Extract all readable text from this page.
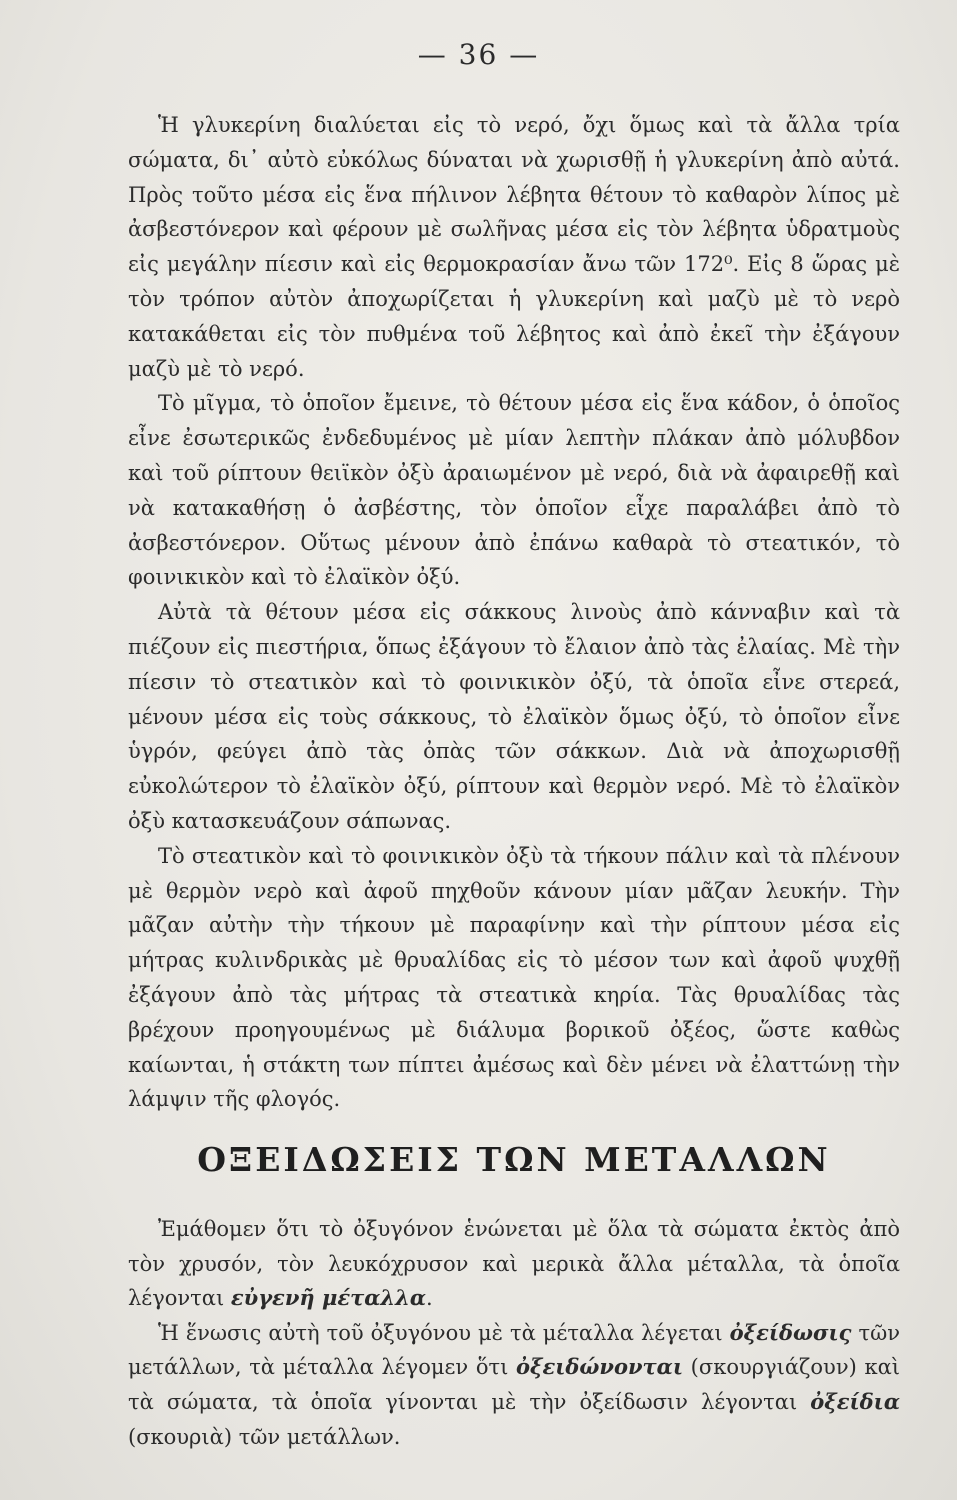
— 36 —

Ἡ γλυκερίνη διαλύεται εἰς τὸ νερό, ὄχι ὅμως καὶ τὰ ἄλλα τρία σώματα, δι᾽ αὐτὸ εὐκόλως δύναται νὰ χωρισθῇ ἡ γλυκερίνη ἀπὸ αὐτά. Πρὸς τοῦτο μέσα εἰς ἕνα πήλινον λέβητα θέτουν τὸ καθαρὸν λίπος μὲ ἀσβεστόνερον καὶ φέρουν μὲ σωλῆνας μέσα εἰς τὸν λέβητα ὑδρατμοὺς εἰς μεγάλην πίεσιν καὶ εἰς θερμοκρασίαν ἄνω τῶν 172⁰. Εἰς 8 ὥρας μὲ τὸν τρόπον αὐτὸν ἀποχωρίζεται ἡ γλυκερίνη καὶ μαζὺ μὲ τὸ νερὸ κατακάθεται εἰς τὸν πυθμένα τοῦ λέβητος καὶ ἀπὸ ἐκεῖ τὴν ἐξάγουν μαζὺ μὲ τὸ νερό.

Τὸ μῖγμα, τὸ ὁποῖον ἔμεινε, τὸ θέτουν μέσα εἰς ἕνα κάδον, ὁ ὁποῖος εἶνε ἐσωτερικῶς ἐνδεδυμένος μὲ μίαν λεπτὴν πλάκαν ἀπὸ μόλυβδον καὶ τοῦ ρίπτουν θειϊκὸν ὀξὺ ἀραιωμένον μὲ νερό, διὰ νὰ ἀφαιρεθῇ καὶ νὰ κατακαθήσῃ ὁ ἀσβέστης, τὸν ὁποῖον εἶχε παραλάβει ἀπὸ τὸ ἀσβεστόνερον. Οὕτως μένουν ἀπὸ ἐπάνω καθαρὰ τὸ στεατικόν, τὸ φοινικικὸν καὶ τὸ ἐλαϊκὸν ὀξύ.

Αὐτὰ τὰ θέτουν μέσα εἰς σάκκους λινοὺς ἀπὸ κάνναβιν καὶ τὰ πιέζουν εἰς πιεστήρια, ὅπως ἐξάγουν τὸ ἔλαιον ἀπὸ τὰς ἐλαίας. Μὲ τὴν πίεσιν τὸ στεατικὸν καὶ τὸ φοινικικὸν ὀξύ, τὰ ὁποῖα εἶνε στερεά, μένουν μέσα εἰς τοὺς σάκκους, τὸ ἐλαϊκὸν ὅμως ὀξύ, τὸ ὁποῖον εἶνε ὑγρόν, φεύγει ἀπὸ τὰς ὀπὰς τῶν σάκκων. Διὰ νὰ ἀποχωρισθῇ εὐκολώτερον τὸ ἐλαϊκὸν ὀξύ, ρίπτουν καὶ θερμὸν νερό. Μὲ τὸ ἐλαϊκὸν ὀξὺ κατασκευάζουν σάπωνας.

Τὸ στεατικὸν καὶ τὸ φοινικικὸν ὀξὺ τὰ τήκουν πάλιν καὶ τὰ πλένουν μὲ θερμὸν νερὸ καὶ ἀφοῦ πηχθοῦν κάνουν μίαν μᾶζαν λευκήν. Τὴν μᾶζαν αὐτὴν τὴν τήκουν μὲ παραφίνην καὶ τὴν ρίπτουν μέσα εἰς μήτρας κυλινδρικὰς μὲ θρυαλίδας εἰς τὸ μέσον των καὶ ἀφοῦ ψυχθῇ ἐξάγουν ἀπὸ τὰς μήτρας τὰ στεατικὰ κηρία. Τὰς θρυαλίδας τὰς βρέχουν προηγουμένως μὲ διάλυμα βορικοῦ ὀξέος, ὥστε καθὼς καίωνται, ἡ στάκτη των πίπτει ἀμέσως καὶ δὲν μένει νὰ ἐλαττώνῃ τὴν λάμψιν τῆς φλογός.

ΟΞΕΙΔΩΣΕΙΣ ΤΩΝ ΜΕΤΑΛΛΩΝ

Ἐμάθομεν ὅτι τὸ ὀξυγόνον ἑνώνεται μὲ ὅλα τὰ σώματα ἐκτὸς ἀπὸ τὸν χρυσόν, τὸν λευκόχρυσον καὶ μερικὰ ἄλλα μέταλλα, τὰ ὁποῖα λέγονται εὐγενῆ μέταλλα.

Ἡ ἕνωσις αὐτὴ τοῦ ὀξυγόνου μὲ τὰ μέταλλα λέγεται ὀξείδωσις τῶν μετάλλων, τὰ μέταλλα λέγομεν ὅτι ὀξειδώνονται (σκουργιάζουν) καὶ τὰ σώματα, τὰ ὁποῖα γίνονται μὲ τὴν ὀξείδωσιν λέγονται ὀξείδια (σκουριὰ) τῶν μετάλλων.
